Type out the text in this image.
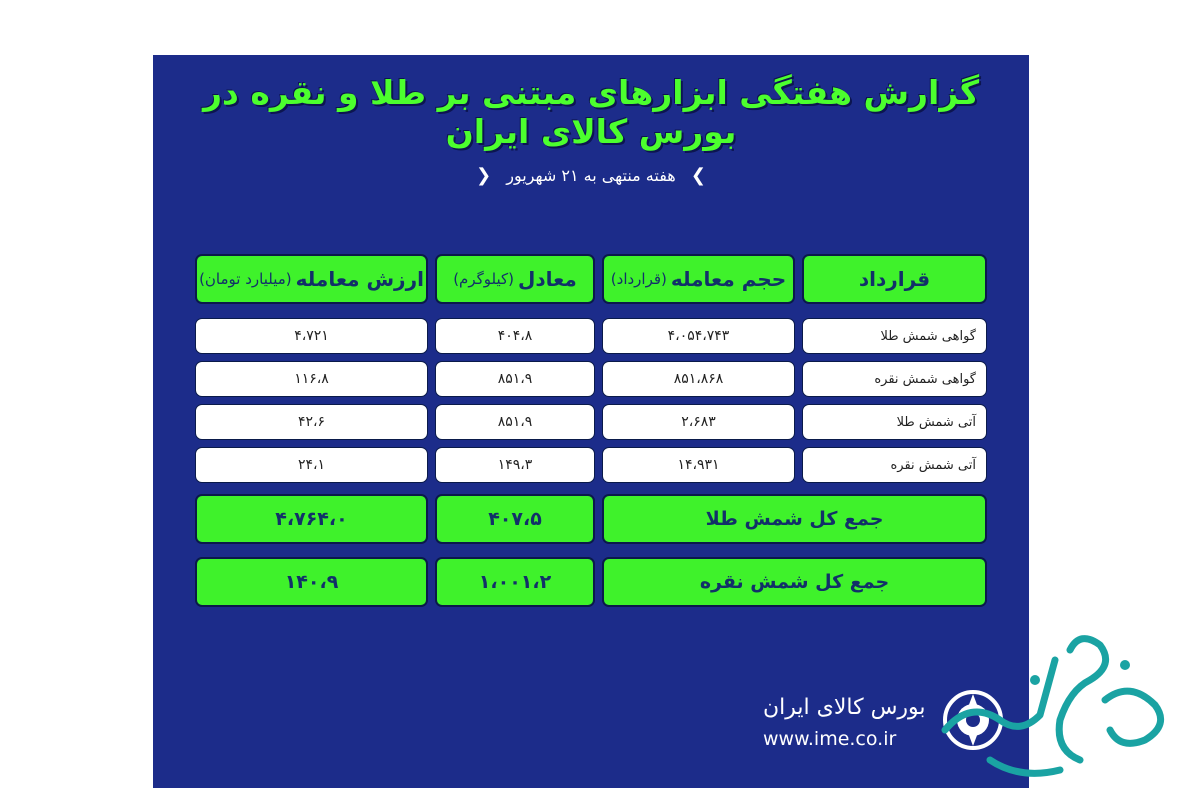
گزارش هفتگی ابزارهای مبتنی بر طلا و نقره در بورس کالای ایران
❯ هفته منتهی به ۲۱ شهریور ❮
قرارداد
حجم معامله
(قرارداد)
معادل
(کیلوگرم)
ارزش معامله
(میلیارد تومان)
گواهی شمش طلا
۴،۰۵۴،۷۴۳
۴۰۴،۸
۴،۷۲۱
گواهی شمش نقره
۸۵۱،۸۶۸
۸۵۱،۹
۱۱۶،۸
آتی شمش طلا
۲،۶۸۳
۸۵۱،۹
۴۲،۶
آتی شمش نقره
۱۴،۹۳۱
۱۴۹،۳
۲۴،۱
جمع کل شمش طلا
۴۰۷،۵
۴،۷۶۴،۰
جمع کل شمش نقره
۱،۰۰۱،۲
۱۴۰،۹
بورس کالای ایران
www.ime.co.ir
